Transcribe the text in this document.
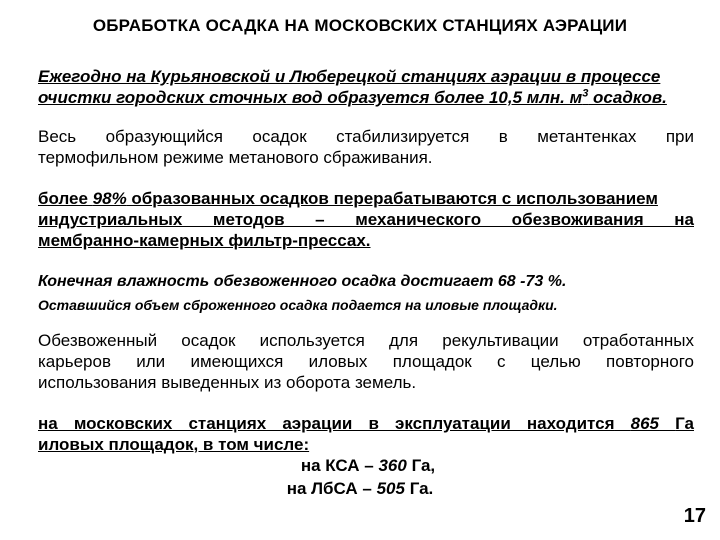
ОБРАБОТКА ОСАДКА НА МОСКОВСКИХ СТАНЦИЯХ АЭРАЦИИ
Ежегодно на Курьяновской и Люберецкой станциях аэрации в процессе
очистки городских сточных вод образуется более 10,5 млн. $м^3$ осадков.
Весь образующийся осадок стабилизируется в метантенках при
термофильном режиме метанового сбраживания.
более 98% образованных осадков перерабатываются с использованием
индустриальных методов – механического обезвоживания на
мембранно-камерных фильтр-прессах.
Конечная влажность обезвоженного осадка достигает 68 -73 %.
Оставшийся объем сброженного осадка подается на иловые площадки.
Обезвоженный осадок используется для рекультивации отработанных
карьеров или имеющихся иловых площадок с целью повторного
использования выведенных из оборота земель.
на московских станциях аэрации в эксплуатации находится 865 Га
иловых площадок, в том числе:
на КСА – 360 Га,
на ЛбСА – 505 Га.
17
